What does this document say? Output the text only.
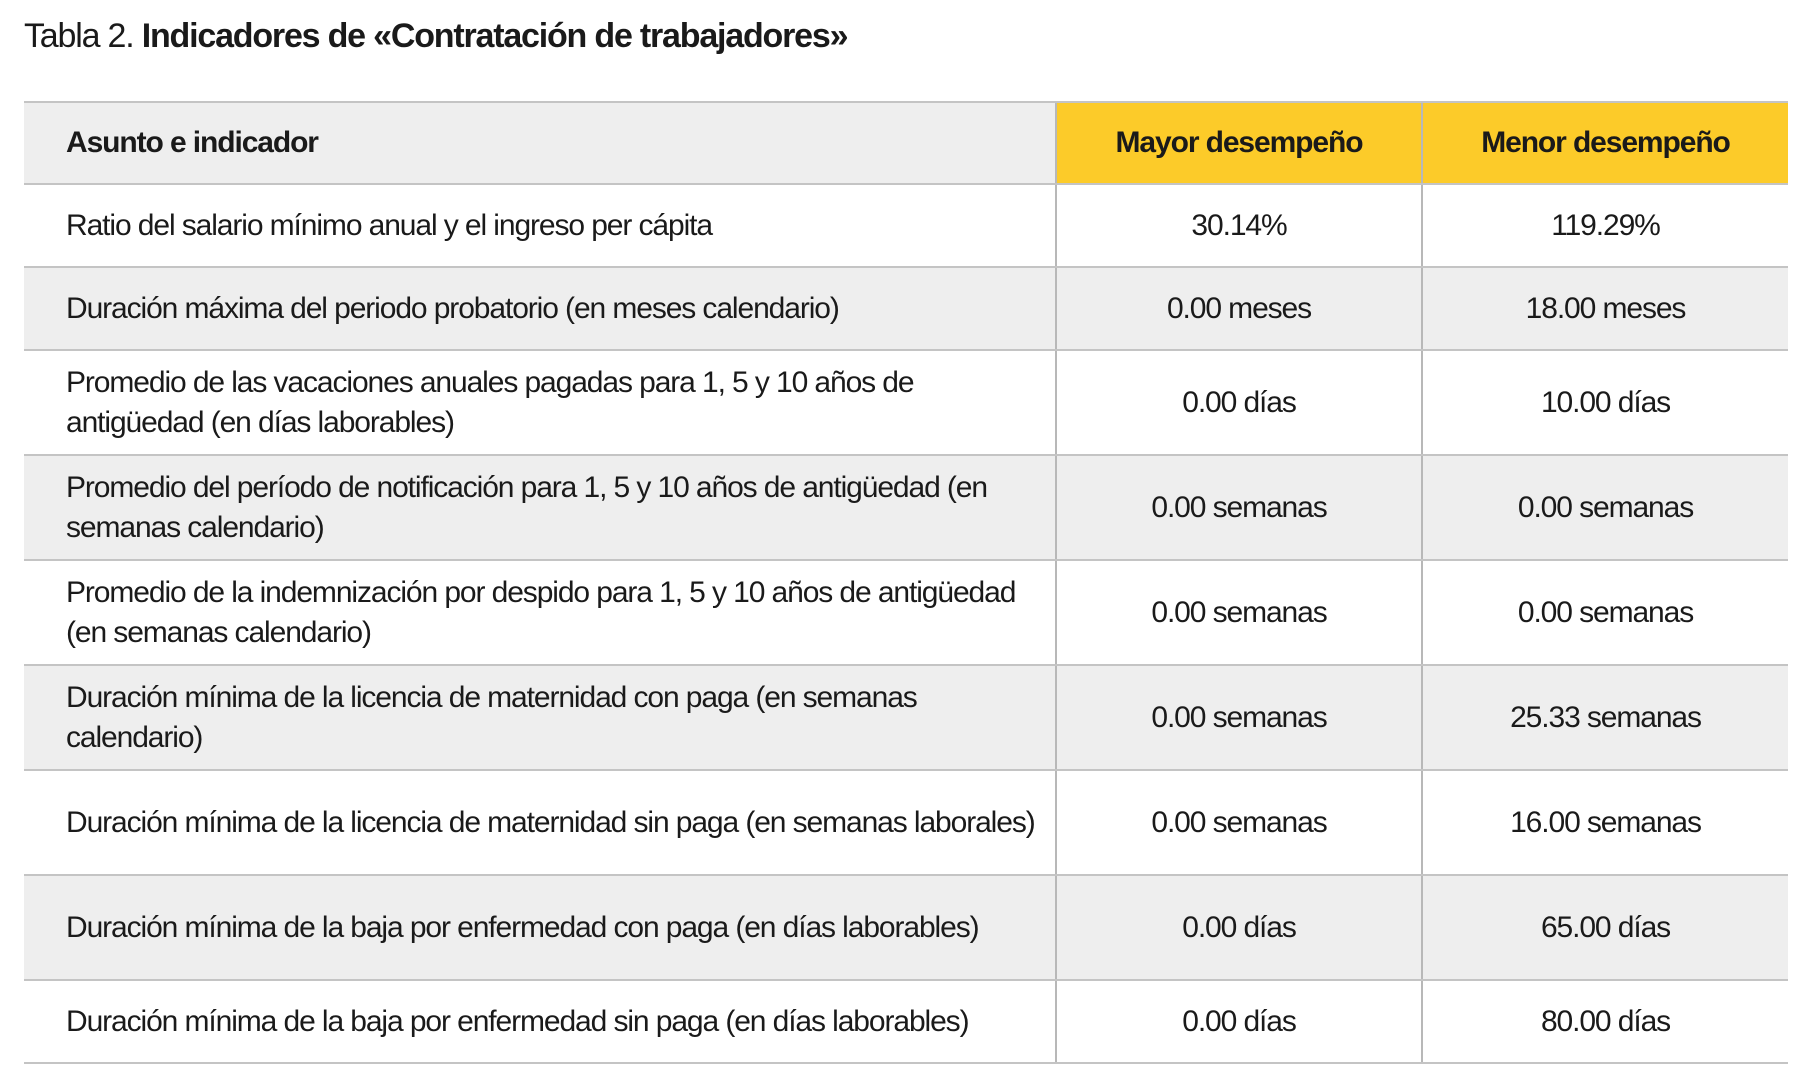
Tabla 2. Indicadores de «Contratación de trabajadores»
Asunto e indicador	Mayor desempeño	Menor desempeño
Ratio del salario mínimo anual y el ingreso per cápita	30.14%	119.29%
Duración máxima del periodo probatorio (en meses calendario)	0.00 meses	18.00 meses
Promedio de las vacaciones anuales pagadas para 1, 5 y 10 años de antigüedad (en días laborables)	0.00 días	10.00 días
Promedio del período de notificación para 1, 5 y 10 años de antigüedad (en semanas calendario)	0.00 semanas	0.00 semanas
Promedio de la indemnización por despido para 1, 5 y 10 años de antigüedad (en semanas calendario)	0.00 semanas	0.00 semanas
Duración mínima de la licencia de maternidad con paga (en semanas calendario)	0.00 semanas	25.33 semanas
Duración mínima de la licencia de maternidad sin paga (en semanas laborales)	0.00 semanas	16.00 semanas
Duración mínima de la baja por enfermedad con paga (en días laborables)	0.00 días	65.00 días
Duración mínima de la baja por enfermedad sin paga (en días laborables)	0.00 días	80.00 días
